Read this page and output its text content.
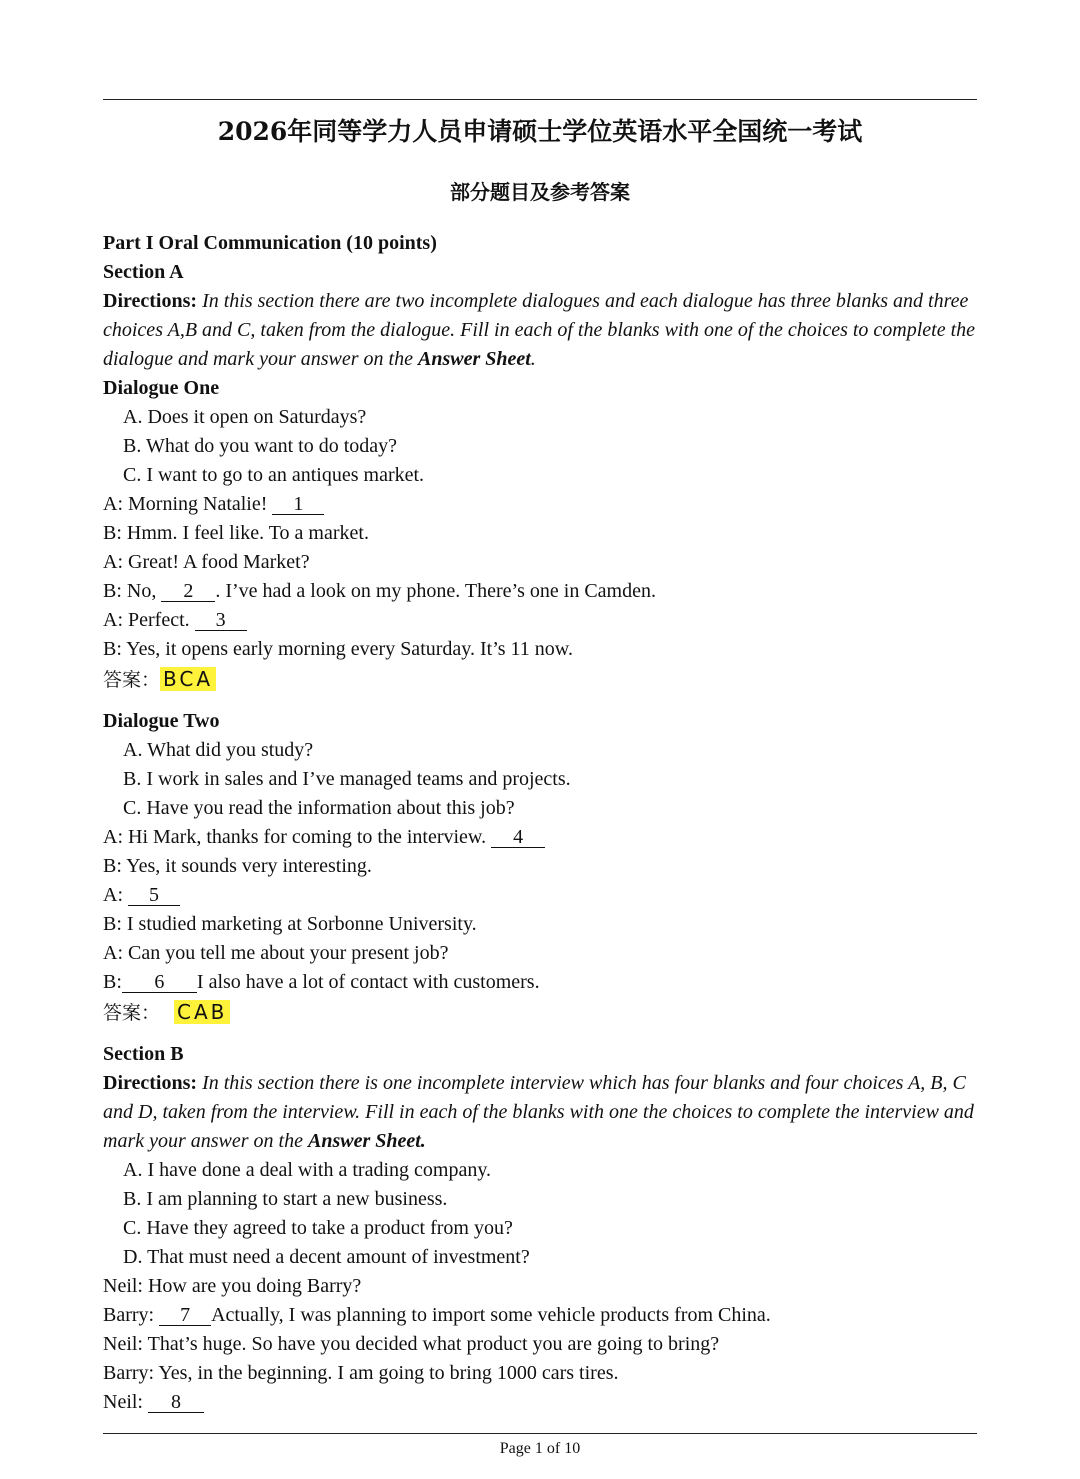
2026年同等学力人员申请硕士学位英语水平全国统一考试
部分题目及参考答案
Part I Oral Communication (10 points)
Section A
Directions: In this section there are two incomplete dialogues and each dialogue has three blanks and three choices A,B and C, taken from the dialogue. Fill in each of the blanks with one of the choices to complete the dialogue and mark your answer on the Answer Sheet.
Dialogue One
A. Does it open on Saturdays?
B. What do you want to do today?
C. I want to go to an antiques market.
A: Morning Natalie! 1
B: Hmm. I feel like. To a market.
A: Great! A food Market?
B: No, 2 . I’ve had a look on my phone. There’s one in Camden.
A: Perfect. 3
B: Yes, it opens early morning every Saturday. It’s 11 now.
答案： BCA
Dialogue Two
A. What did you study?
B. I work in sales and I’ve managed teams and projects.
C. Have you read the information about this job?
A: Hi Mark, thanks for coming to the interview. 4
B: Yes, it sounds very interesting.
A: 5
B: I studied marketing at Sorbonne University.
A: Can you tell me about your present job?
B: 6 I also have a lot of contact with customers.
答案： CAB
Section B
Directions: In this section there is one incomplete interview which has four blanks and four choices A, B, C and D, taken from the interview. Fill in each of the blanks with one the choices to complete the interview and mark your answer on the Answer Sheet.
A. I have done a deal with a trading company.
B. I am planning to start a new business.
C. Have they agreed to take a product from you?
D. That must need a decent amount of investment?
Neil: How are you doing Barry?
Barry: 7 Actually, I was planning to import some vehicle products from China.
Neil: That’s huge. So have you decided what product you are going to bring?
Barry: Yes, in the beginning. I am going to bring 1000 cars tires.
Neil: 8
Page 1 of 10
